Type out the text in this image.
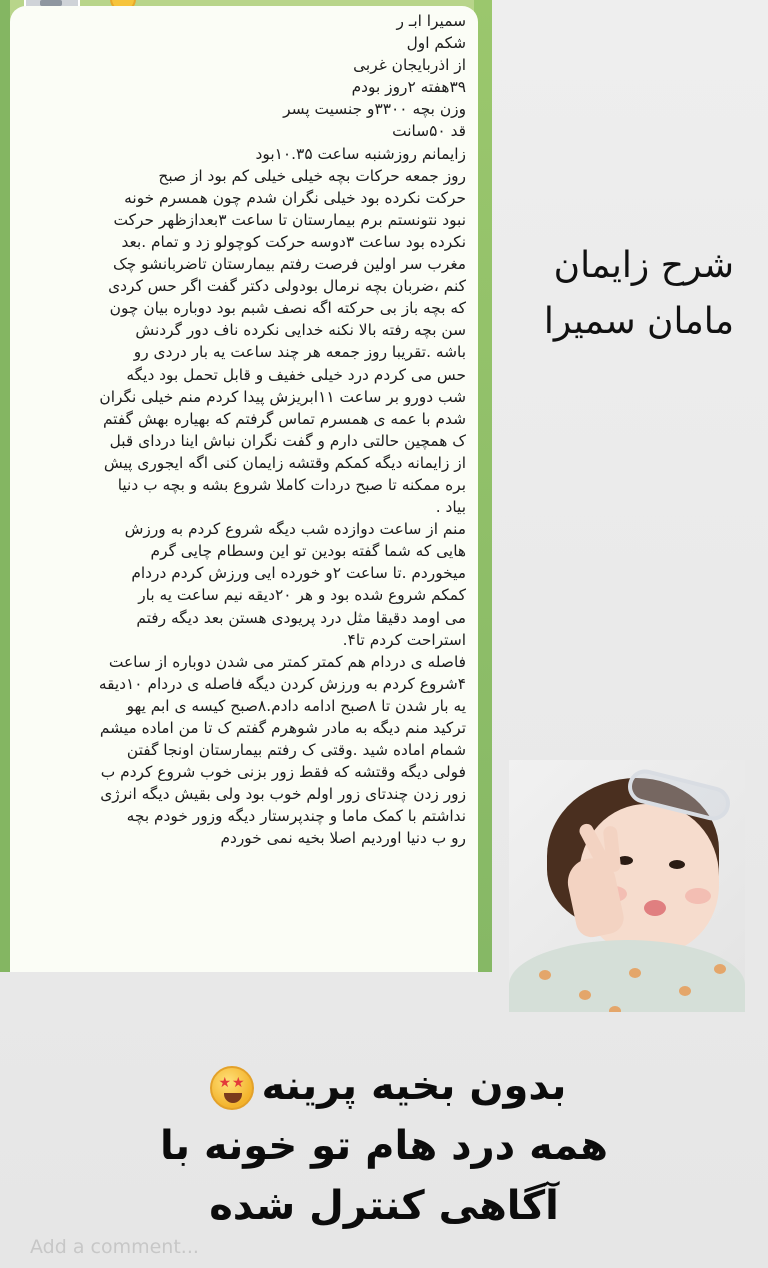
سمیرا ابـ ر
شکم اول
از اذربایجان غربی
۳۹هفته ۲روز بودم
وزن بچه ۳۳۰۰و جنسیت پسر
قد ۵۰سانت
زایمانم روزشنبه ساعت ۱۰.۳۵بود
روز جمعه حرکات بچه خیلی خیلی کم بود از صبح
حرکت نکرده بود خیلی نگران شدم چون همسرم خونه
نبود نتونستم برم بیمارستان تا ساعت ۳بعدازظهر حرکت
نکرده بود ساعت ۳دوسه حرکت کوچولو زد و تمام .بعد
مغرب سر اولین فرصت رفتم بیمارستان تاضربانشو چک
کنم ،ضربان بچه نرمال بودولی دکتر گفت اگر حس کردی
که بچه باز بی حرکته اگه نصف شبم بود دوباره بیان چون
سن بچه رفته بالا نکنه خدایی نکرده ناف دور گردنش
باشه .تقریبا روز جمعه هر چند ساعت یه بار دردی رو
حس می کردم درد خیلی خفیف و قابل تحمل بود دیگه
شب دورو بر ساعت ۱۱ابریزش پیدا کردم منم خیلی نگران
شدم با عمه ی همسرم تماس گرفتم که بهیاره بهش گفتم
ک همچین حالتی دارم و گفت نگران نباش اینا دردای قبل
از زایمانه دیگه کمکم وقتشه زایمان کنی اگه ایجوری پیش
بره ممکنه تا صبح دردات کاملا شروع بشه و بچه ب دنیا
بیاد .
منم از ساعت دوازده شب دیگه شروع کردم به ورزش
هایی که شما گفته بودین تو این وسطام چایی گرم
میخوردم .تا ساعت ۲و خورده ایی ورزش کردم دردام
کمکم شروع شده بود و هر ۲۰دیقه نیم ساعت یه بار
می اومد دقیقا مثل درد پریودی هستن بعد دیگه رفتم
استراحت کردم تا۴.
فاصله ی دردام هم کمتر کمتر می شدن دوباره از ساعت
۴شروع کردم به ورزش کردن دیگه فاصله ی دردام ۱۰دیقه
یه بار شدن تا ۸صبح ادامه دادم.۸صبح کیسه ی ابم یهو
ترکید منم دیگه به مادر شوهرم گفتم ک تا من اماده میشم
شمام اماده شید .وقتی ک رفتم بیمارستان اونجا گفتن
فولی دیگه وقتشه که فقط زور بزنی خوب شروع کردم ب
زور زدن چندتای زور اولم خوب بود ولی بقیش دیگه انرژی
نداشتم با کمک ماما و چندپرستار دیگه وزور خودم بچه
رو ب دنیا اوردیم اصلا بخیه نمی خوردم
شرح زایمان
مامان سمیرا
بدون بخیه پرینه★
★
همه درد هام تو خونه با
آگاهی کنترل شده
Add a comment...
